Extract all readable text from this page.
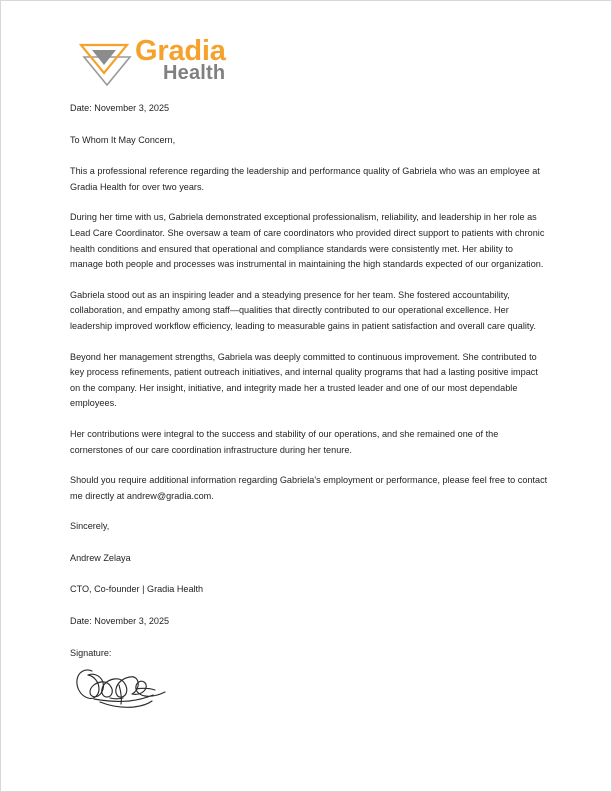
Gradia
Health

Date: November 3, 2025

To Whom It May Concern,

This a professional reference regarding the leadership and performance quality of Gabriela who was an employee at Gradia Health for over two years.

During her time with us, Gabriela demonstrated exceptional professionalism, reliability, and leadership in her role as Lead Care Coordinator. She oversaw a team of care coordinators who provided direct support to patients with chronic health conditions and ensured that operational and compliance standards were consistently met. Her ability to manage both people and processes was instrumental in maintaining the high standards expected of our organization.

Gabriela stood out as an inspiring leader and a steadying presence for her team. She fostered accountability, collaboration, and empathy among staff—qualities that directly contributed to our operational excellence. Her leadership improved workflow efficiency, leading to measurable gains in patient satisfaction and overall care quality.

Beyond her management strengths, Gabriela was deeply committed to continuous improvement. She contributed to key process refinements, patient outreach initiatives, and internal quality programs that had a lasting positive impact on the company. Her insight, initiative, and integrity made her a trusted leader and one of our most dependable employees.

Her contributions were integral to the success and stability of our operations, and she remained one of the cornerstones of our care coordination infrastructure during her tenure.

Should you require additional information regarding Gabriela's employment or performance, please feel free to contact me directly at andrew@gradia.com.

Sincerely,

Andrew Zelaya

CTO, Co-founder | Gradia Health

Date: November 3, 2025

Signature:
